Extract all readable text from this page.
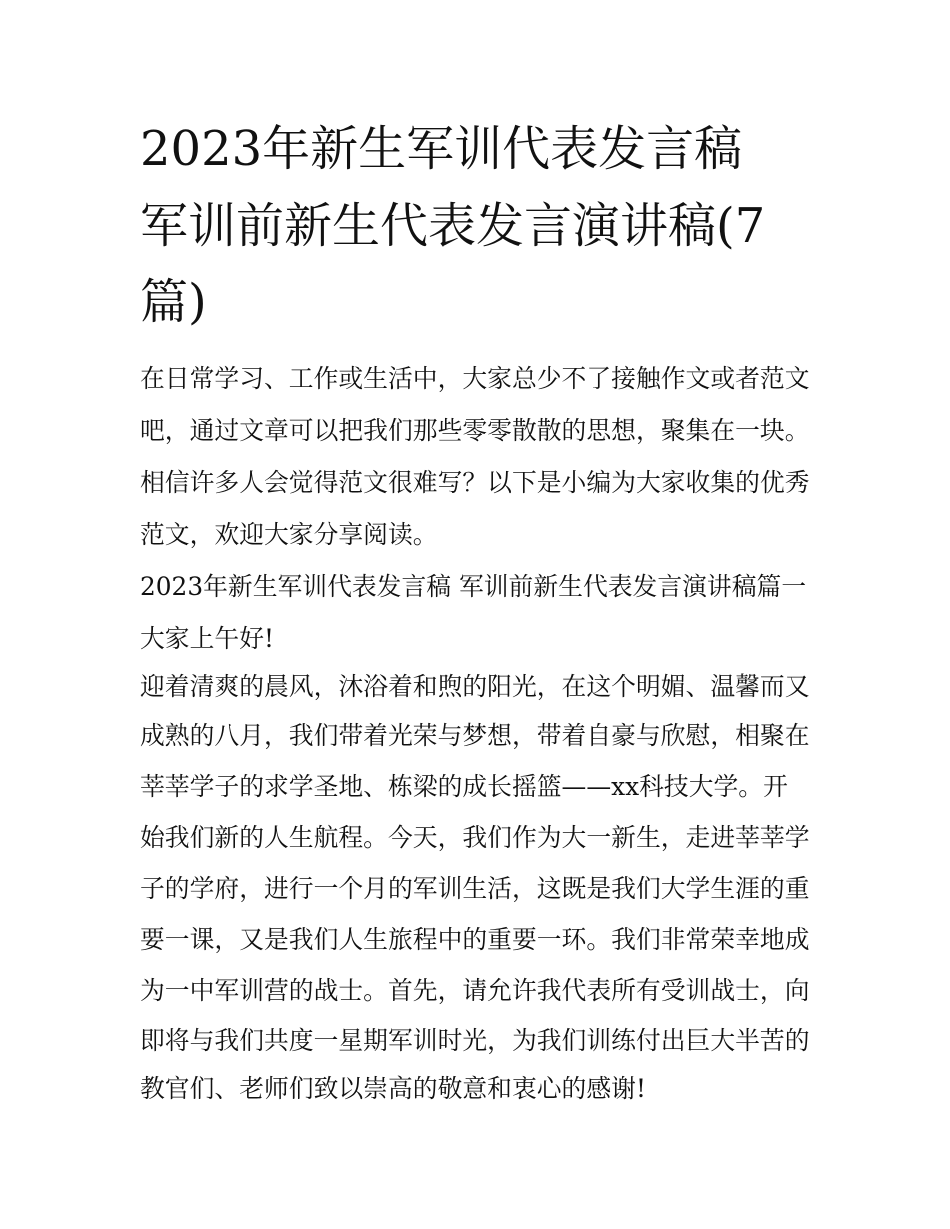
2023年新生军训代表发言稿
军训前新生代表发言演讲稿(7
篇)

在日常学习、工作或生活中，大家总少不了接触作文或者范文

吧，通过文章可以把我们那些零零散散的思想，聚集在一块。

相信许多人会觉得范文很难写？以下是小编为大家收集的优秀

范文，欢迎大家分享阅读。

2023年新生军训代表发言稿 军训前新生代表发言演讲稿篇一

大家上午好!

迎着清爽的晨风，沐浴着和煦的阳光，在这个明媚、温馨而又

成熟的八月，我们带着光荣与梦想，带着自豪与欣慰，相聚在

莘莘学子的求学圣地、栋梁的成长摇篮——xx科技大学。开

始我们新的人生航程。今天，我们作为大一新生，走进莘莘学

子的学府，进行一个月的军训生活，这既是我们大学生涯的重

要一课，又是我们人生旅程中的重要一环。我们非常荣幸地成

为一中军训营的战士。首先，请允许我代表所有受训战士，向

即将与我们共度一星期军训时光，为我们训练付出巨大半苦的

教官们、老师们致以崇高的敬意和衷心的感谢!
